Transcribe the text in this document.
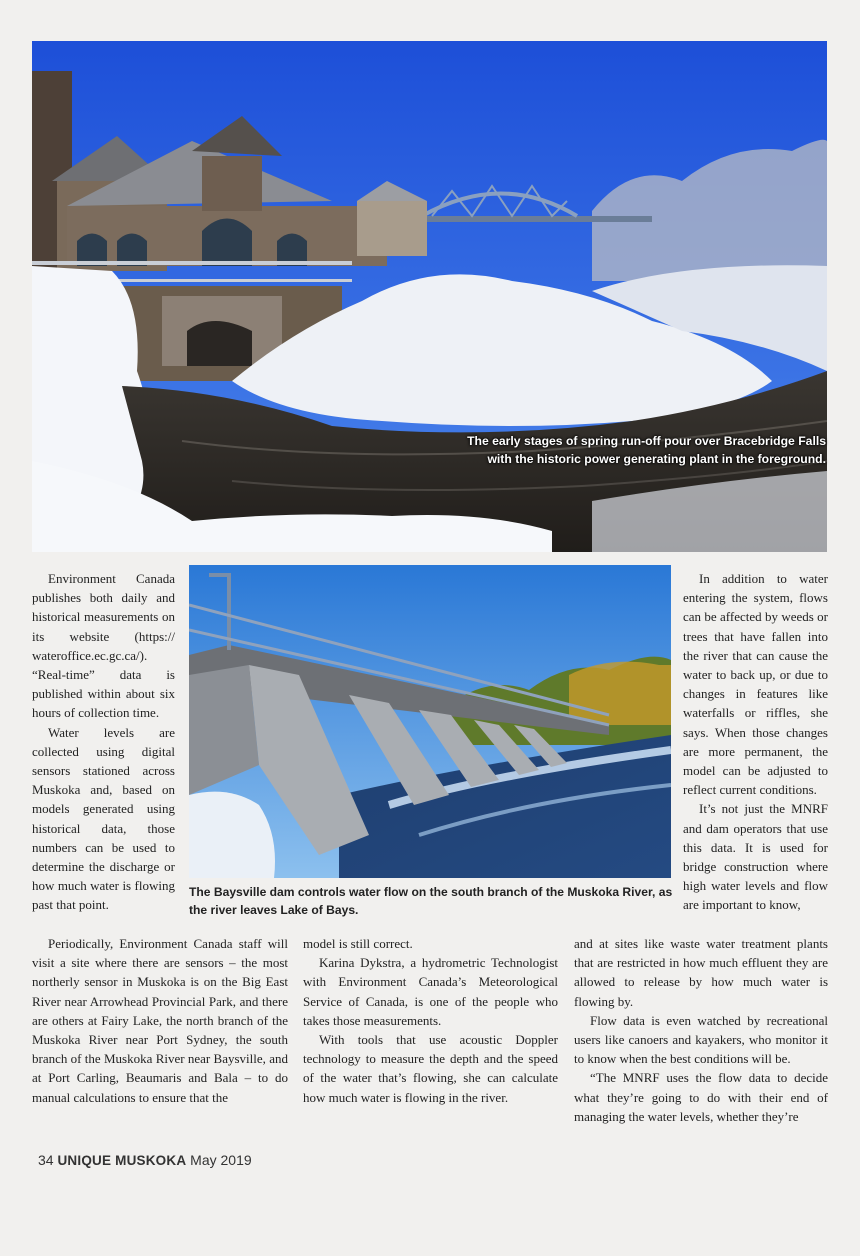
The early stages of spring run-off pour over Bracebridge Falls with the historic power generating plant in the foreground.
The Baysville dam controls water flow on the south branch of the Muskoka River, as the river leaves Lake of Bays.

Environment Canada publishes both daily and historical measurements on its website (https:// wateroffice.ec.gc.ca/). “Real-time” data is published within about six hours of collection time.

Water levels are collected using digital sensors stationed across Muskoka and, based on models generated using historical data, those numbers can be used to determine the discharge or how much water is flowing past that point.

Periodically, Environment Canada staff will visit a site where there are sensors – the most northerly sensor in Muskoka is on the Big East River near Arrowhead Provincial Park, and there are others at Fairy Lake, the north branch of the Muskoka River near Port Sydney, the south branch of the Muskoka River near Baysville, and at Port Carling, Beaumaris and Bala – to do manual calculations to ensure that the

model is still correct.

Karina Dykstra, a hydrometric Technologist with Environment Canada’s Meteorological Service of Canada, is one of the people who takes those measurements.

With tools that use acoustic Doppler technology to measure the depth and the speed of the water that’s flowing, she can calculate how much water is flowing in the river.

In addition to water entering the system, flows can be affected by weeds or trees that have fallen into the river that can cause the water to back up, or due to changes in features like waterfalls or riffles, she says. When those changes are more permanent, the model can be adjusted to reflect current conditions.

It’s not just the MNRF and dam operators that use this data. It is used for bridge construction where high water levels and flow are important to know,

and at sites like waste water treatment plants that are restricted in how much effluent they are allowed to release by how much water is flowing by.

Flow data is even watched by recreational users like canoers and kayakers, who monitor it to know when the best conditions will be.

“The MNRF uses the flow data to decide what they’re going to do with their end of managing the water levels, whether they’re

34 UNIQUE MUSKOKA May 2019
